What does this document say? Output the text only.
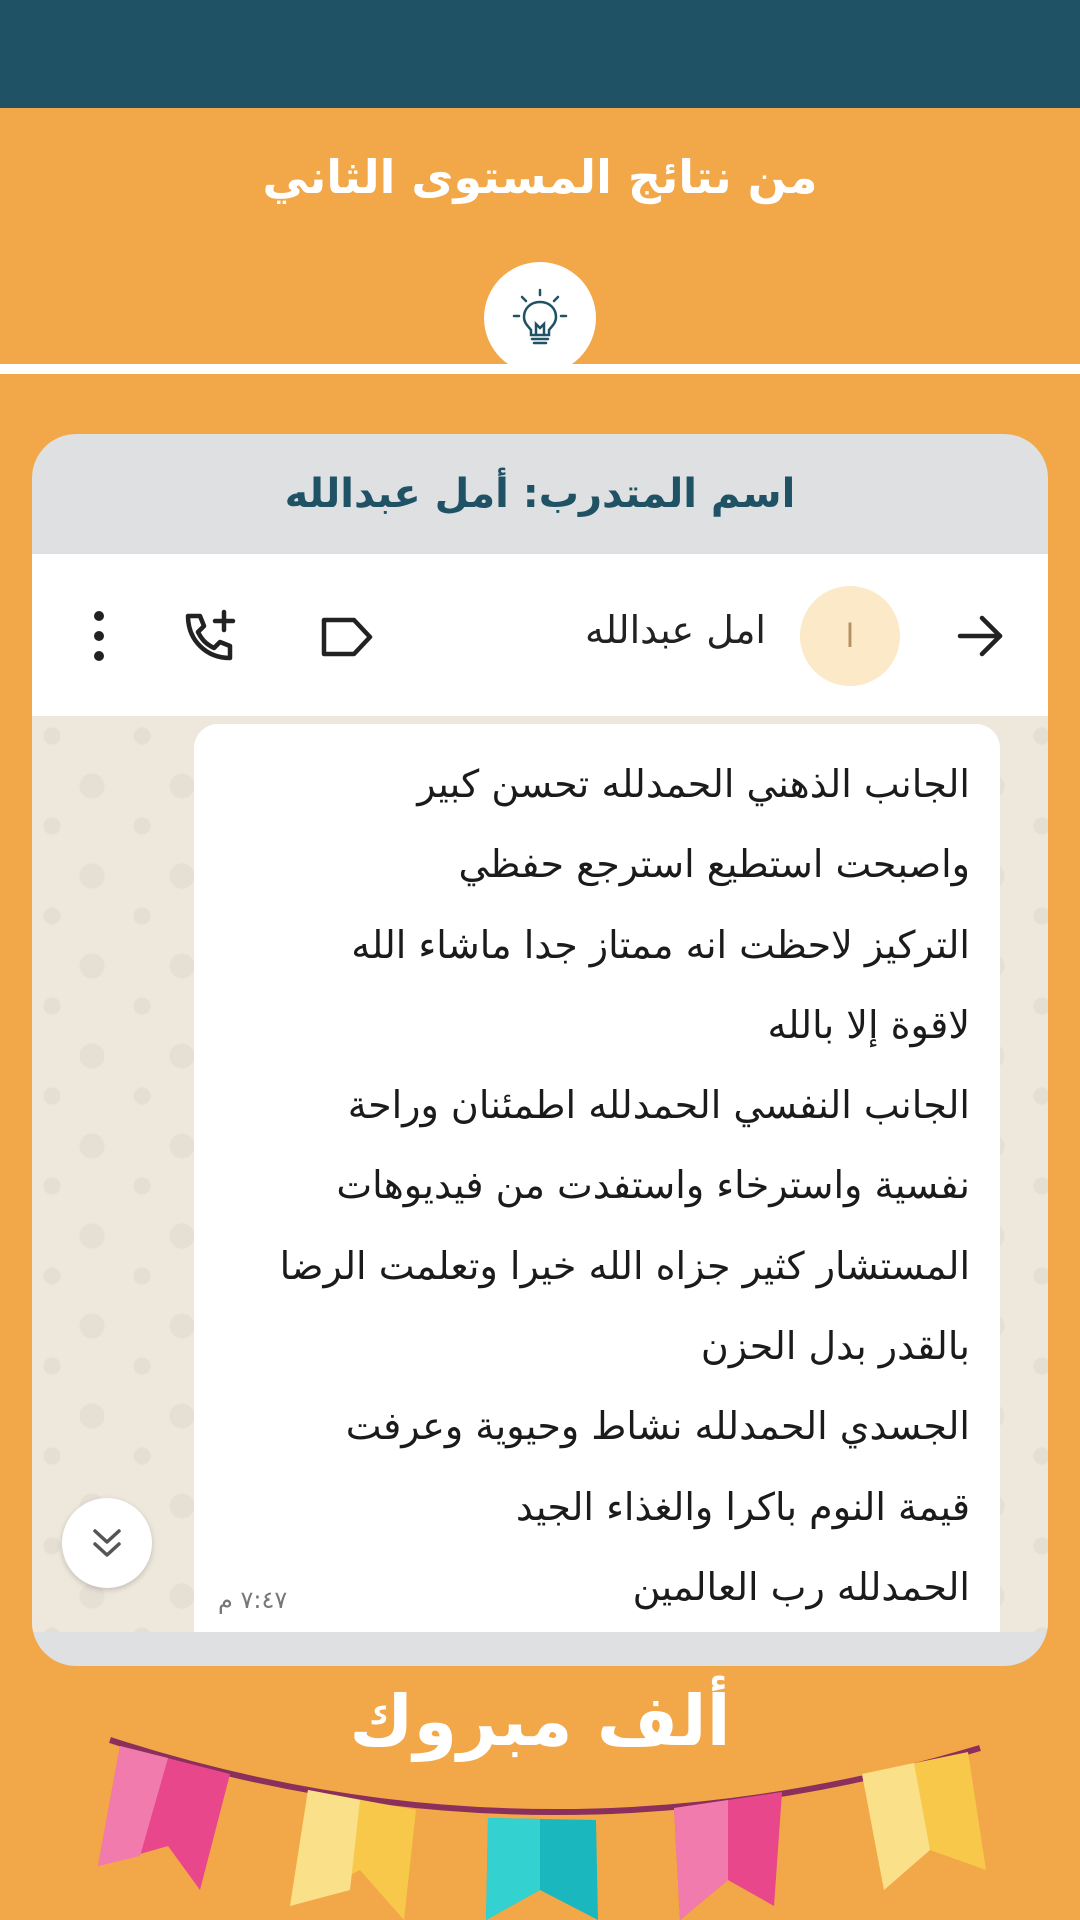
من نتائج المستوى الثاني
اسم المتدرب: أمل عبدالله
ا
امل عبدالله
الجانب الذهني الحمدلله تحسن كبير
واصبحت استطيع استرجع حفظي
التركيز لاحظت انه ممتاز جدا ماشاء الله
لاقوة إلا بالله
الجانب النفسي الحمدلله اطمئنان وراحة
نفسية واسترخاء واستفدت من فيديوهات
المستشار كثير جزاه الله خيرا وتعلمت الرضا
بالقدر بدل الحزن
الجسدي الحمدلله نشاط وحيوية وعرفت
قيمة النوم باكرا والغذاء الجيد
الحمدلله رب العالمين
٧:٤٧ م
ألف مبروك
